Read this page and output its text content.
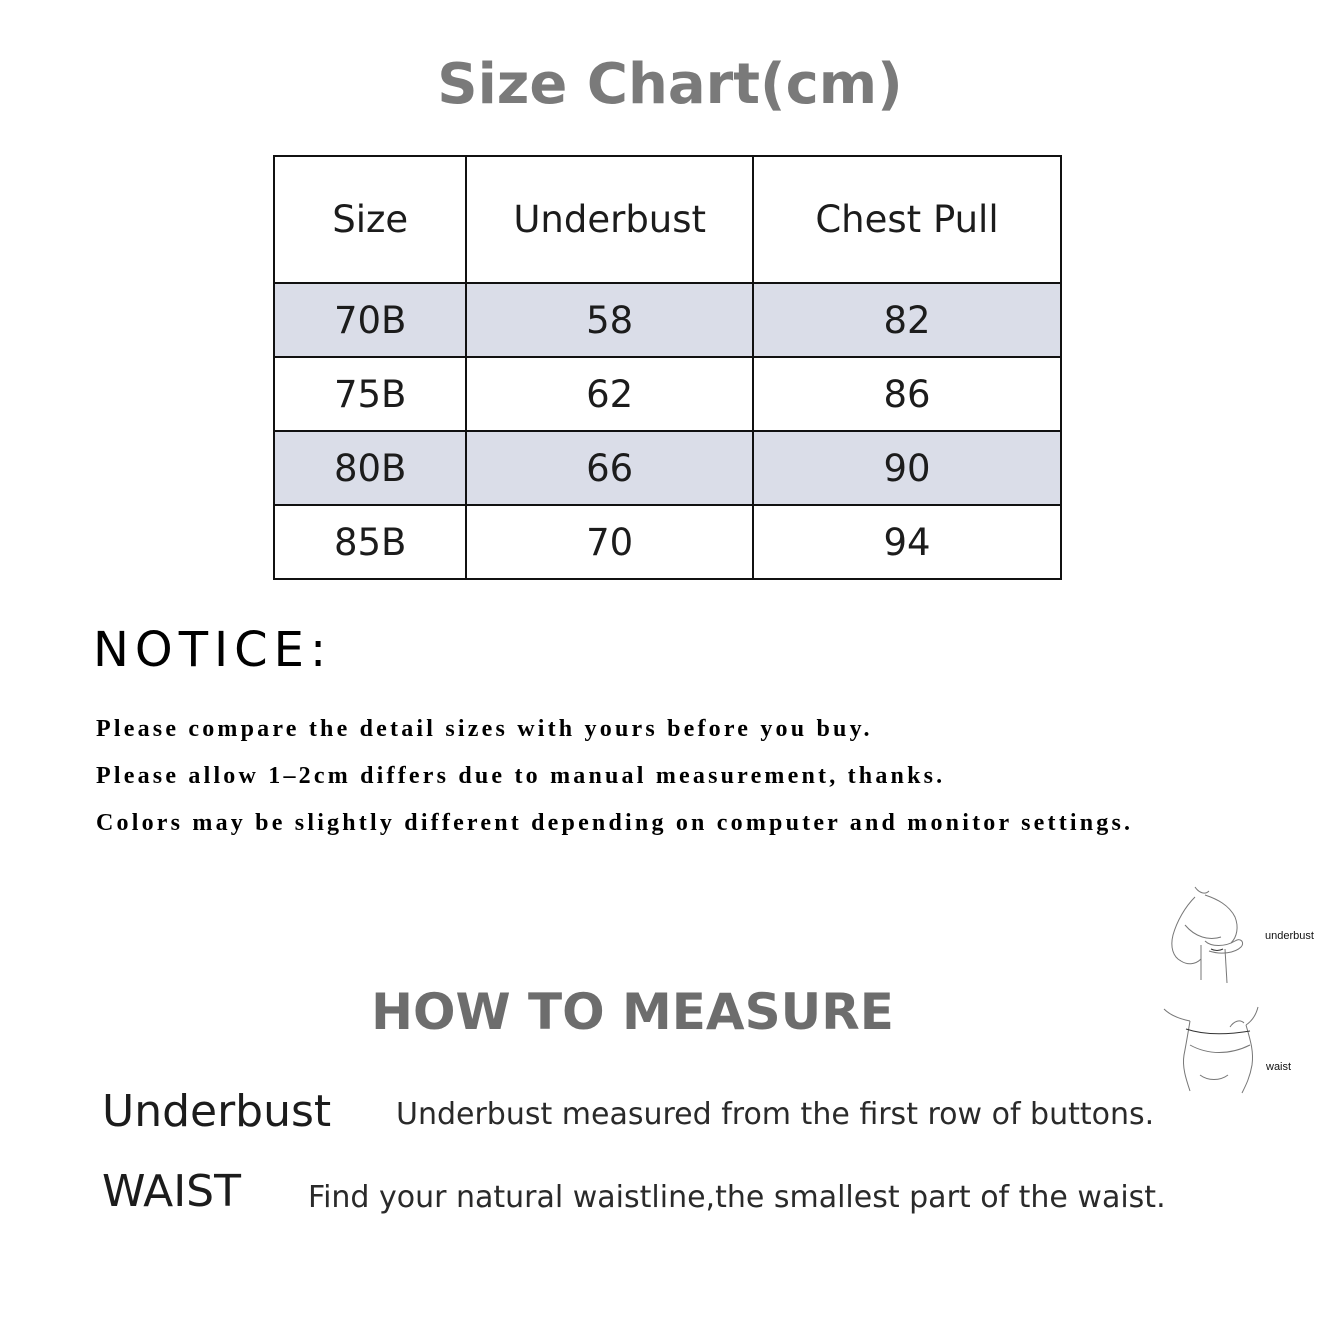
Size Chart(cm)
Size	Underbust	Chest Pull
70B	58	82
75B	62	86
80B	66	90
85B	70	94
NOTICE:
Please compare the detail sizes with yours before you buy.
Please allow 1–2cm differs due to manual measurement, thanks.
Colors may be slightly different depending on computer and monitor settings.
underbust
waist
HOW TO MEASURE
Underbust Underbust measured from the first row of buttons.
WAIST Find your natural waistline,the smallest part of the waist.
